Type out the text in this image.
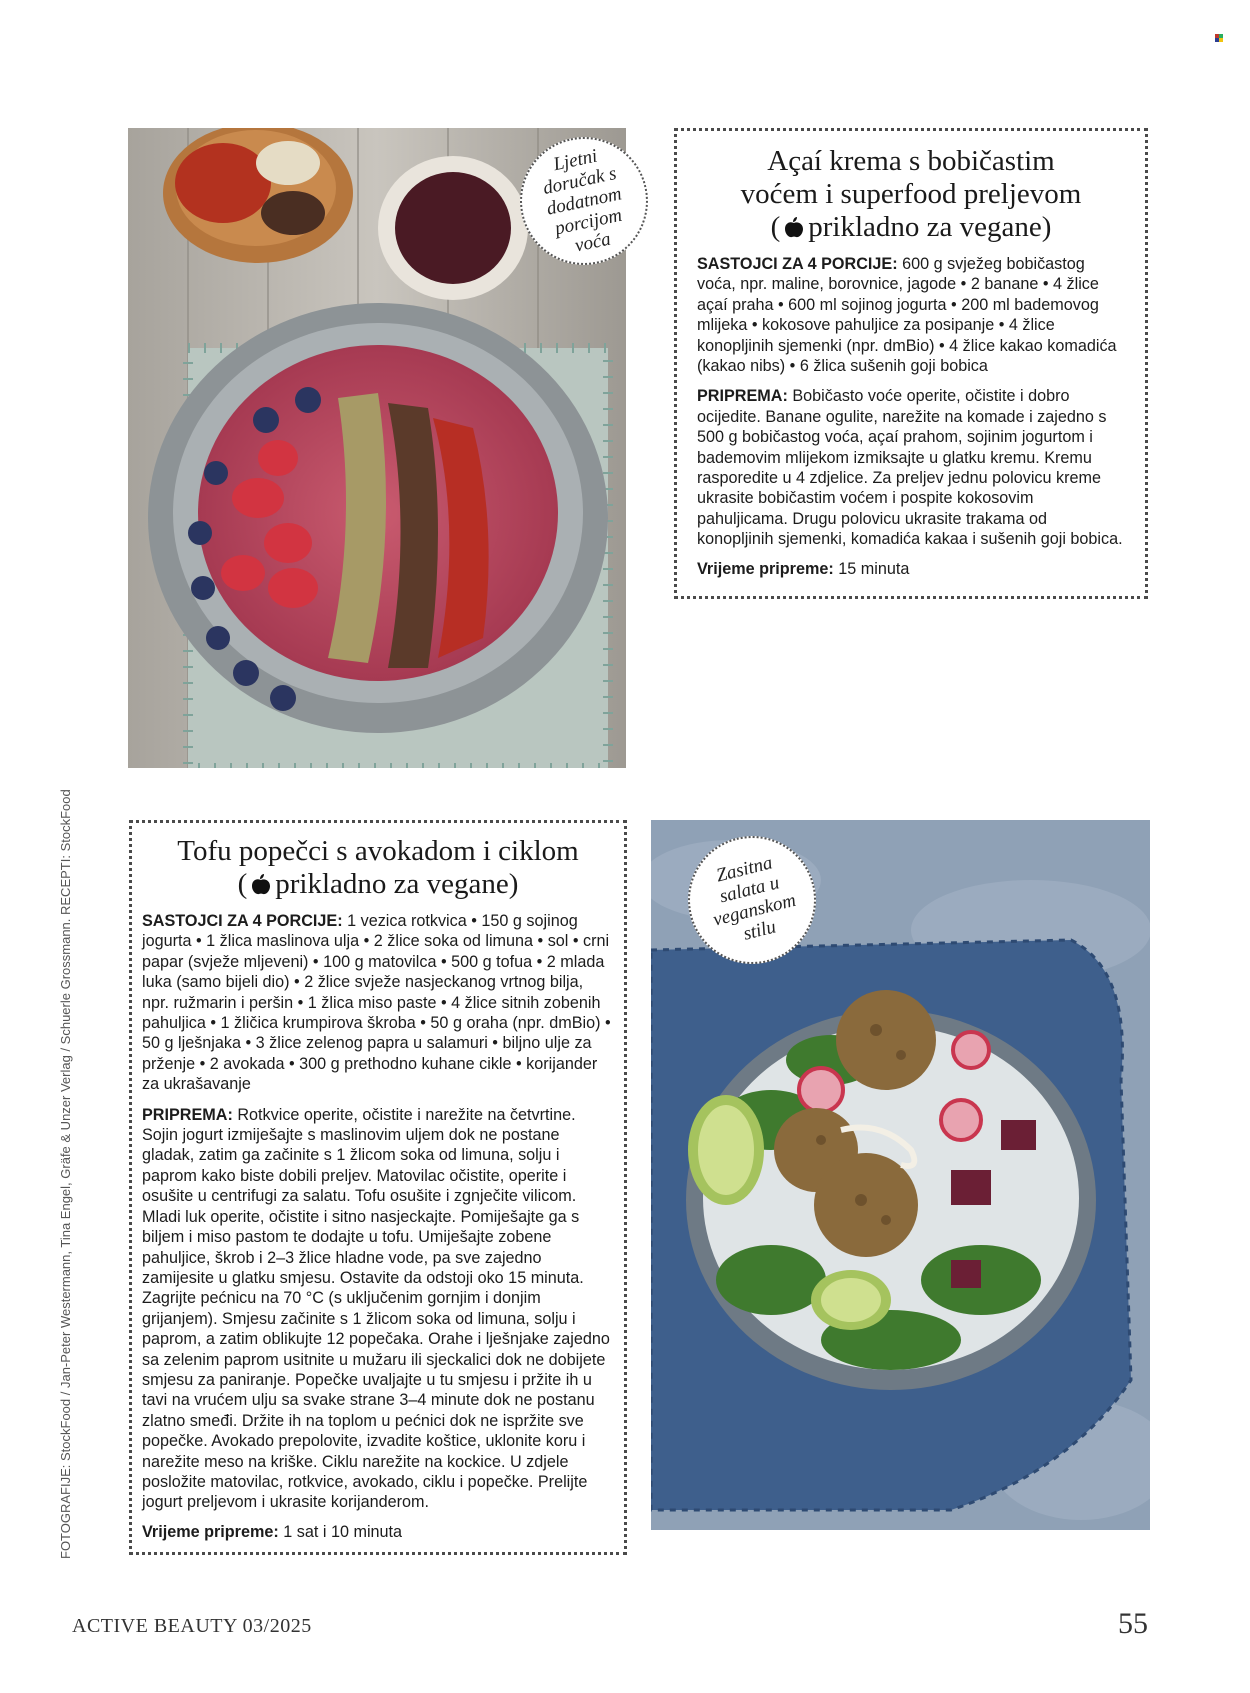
Ljetni doručak s dodatnom porcijom voća
Açaí krema s bobičastim
voćem i superfood preljevom
( prikladno za vegane)

SASTOJCI ZA 4 PORCIJE: 600 g svježeg bobičastog voća, npr. maline, borovnice, jagode • 2 banane • 4 žlice açaí praha • 600 ml sojinog jogurta • 200 ml bademovog mlijeka • kokosove pahuljice za posipanje • 4 žlice konopljinih sjemenki (npr. dmBio) • 4 žlice kakao komadića (kakao nibs) • 6 žlica sušenih goji bobica

PRIPREMA: Bobičasto voće operite, očistite i dobro ocijedite. Banane ogulite, narežite na komade i zajedno s 500 g bobičastog voća, açaí prahom, sojinim jogurtom i bademovim mlijekom izmiksajte u glatku kremu. Kremu rasporedite u 4 zdjelice. Za preljev jednu polovicu kreme ukrasite bobičastim voćem i pospite kokosovim pahuljicama. Drugu polovicu ukrasite trakama od konopljinih sjemenki, komadića kakaa i sušenih goji bobica.

Vrijeme pripreme: 15 minuta
Tofu popečci s avokadom i ciklom
( prikladno za vegane)

SASTOJCI ZA 4 PORCIJE: 1 vezica rotkvica • 150 g sojinog jogurta • 1 žlica maslinova ulja • 2 žlice soka od limuna • sol • crni papar (svježe mljeveni) • 100 g matovilca • 500 g tofua • 2 mlada luka (samo bijeli dio) • 2 žlice svježe nasjeckanog vrtnog bilja, npr. ružmarin i peršin • 1 žlica miso paste • 4 žlice sitnih zobenih pahuljica • 1 žličica krumpirova škroba • 50 g oraha (npr. dmBio) • 50 g lješnjaka • 3 žlice zelenog papra u salamuri • biljno ulje za prženje • 2 avokada • 300 g prethodno kuhane cikle • korijander za ukrašavanje

PRIPREMA: Rotkvice operite, očistite i narežite na četvrtine. Sojin jogurt izmiješajte s maslinovim uljem dok ne postane gladak, zatim ga začinite s 1 žlicom soka od limuna, solju i paprom kako biste dobili preljev. Matovilac očistite, operite i osušite u centrifugi za salatu. Tofu osušite i zgnječite vilicom. Mladi luk operite, očistite i sitno nasjeckajte. Pomiješajte ga s biljem i miso pastom te dodajte u tofu. Umiješajte zobene pahuljice, škrob i 2–3 žlice hladne vode, pa sve zajedno zamijesite u glatku smjesu. Ostavite da odstoji oko 15 minuta. Zagrijte pećnicu na 70 °C (s uključenim gornjim i donjim grijanjem). Smjesu začinite s 1 žlicom soka od limuna, solju i paprom, a zatim oblikujte 12 popečaka. Orahe i lješnjake zajedno sa zelenim paprom usitnite u mužaru ili sjeckalici dok ne dobijete smjesu za paniranje. Popečke uvaljajte u tu smjesu i pržite ih u tavi na vrućem ulju sa svake strane 3–4 minute dok ne postanu zlatno smeđi. Držite ih na toplom u pećnici dok ne ispržite sve popečke. Avokado prepolovite, izvadite koštice, uklonite koru i narežite meso na kriške. Ciklu narežite na kockice. U zdjele posložite matovilac, rotkvice, avokado, ciklu i popečke. Prelijte jogurt preljevom i ukrasite korijanderom.

Vrijeme pripreme: 1 sat i 10 minuta
Zasitna salata u veganskom stilu
FOTOGRAFIJE: StockFood / Jan-Peter Westermann, Tina Engel, Gräfe & Unzer Verlag / Schuerle Grossmann. RECEPTI: StockFood
ACTIVE BEAUTY 03/2025	55
